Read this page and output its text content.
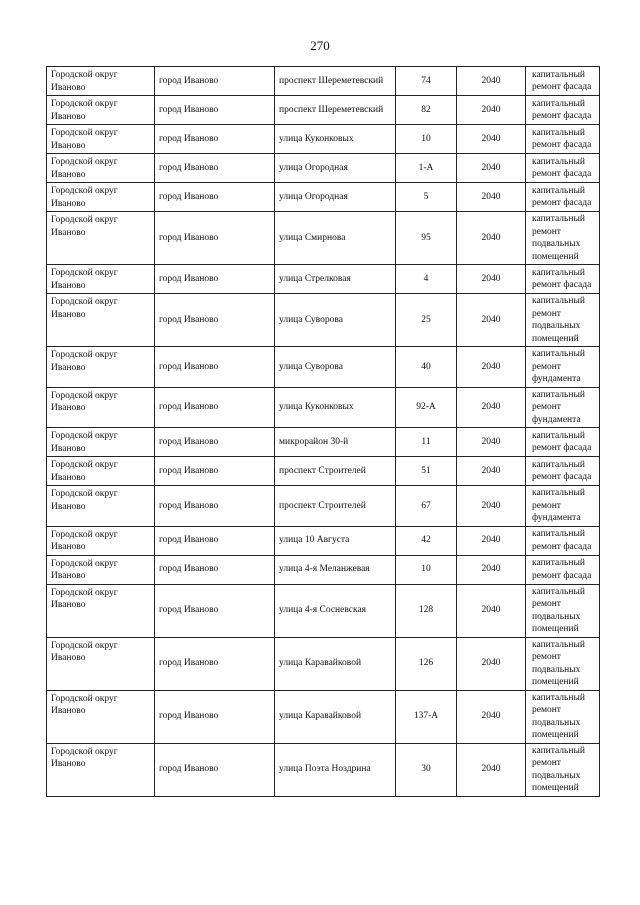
270
Городской округ Иваново	город Иваново	проспект Шереметевский	74	2040	капитальный ремонт фасада
Городской округ Иваново	город Иваново	проспект Шереметевский	82	2040	капитальный ремонт фасада
Городской округ Иваново	город Иваново	улица Куконковых	10	2040	капитальный ремонт фасада
Городской округ Иваново	город Иваново	улица Огородная	1-А	2040	капитальный ремонт фасада
Городской округ Иваново	город Иваново	улица Огородная	5	2040	капитальный ремонт фасада
Городской округ Иваново	город Иваново	улица Смирнова	95	2040	капитальный ремонт подвальных помещений
Городской округ Иваново	город Иваново	улица Стрелковая	4	2040	капитальный ремонт фасада
Городской округ Иваново	город Иваново	улица Суворова	25	2040	капитальный ремонт подвальных помещений
Городской округ Иваново	город Иваново	улица Суворова	40	2040	капитальный ремонт фундамента
Городской округ Иваново	город Иваново	улица Куконковых	92-А	2040	капитальный ремонт фундамента
Городской округ Иваново	город Иваново	микрорайон 30-й	11	2040	капитальный ремонт фасада
Городской округ Иваново	город Иваново	проспект Строителей	51	2040	капитальный ремонт фасада
Городской округ Иваново	город Иваново	проспект Строителей	67	2040	капитальный ремонт фундамента
Городской округ Иваново	город Иваново	улица 10 Августа	42	2040	капитальный ремонт фасада
Городской округ Иваново	город Иваново	улица 4-я Меланжевая	10	2040	капитальный ремонт фасада
Городской округ Иваново	город Иваново	улица 4-я Сосневская	128	2040	капитальный ремонт подвальных помещений
Городской округ Иваново	город Иваново	улица Каравайковой	126	2040	капитальный ремонт подвальных помещений
Городской округ Иваново	город Иваново	улица Каравайковой	137-А	2040	капитальный ремонт подвальных помещений
Городской округ Иваново	город Иваново	улица Поэта Ноздрина	30	2040	капитальный ремонт подвальных помещений
